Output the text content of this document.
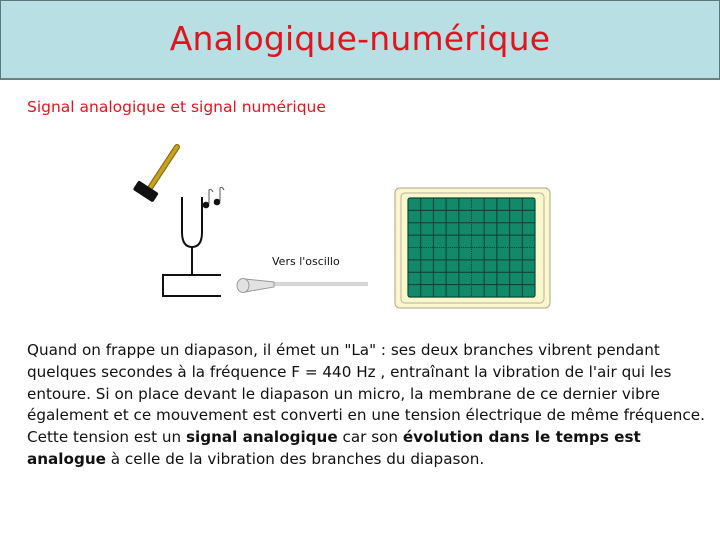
Analogique-numérique
Signal analogique et signal numérique
Vers l'oscillo
Quand on frappe un diapason, il émet un "La" : ses deux branches vibrent pendant quelques secondes à la fréquence F = 440 Hz , entraînant la vibration de l'air qui les entoure. Si on place devant le diapason un micro, la membrane de ce dernier vibre également et ce mouvement est converti en une tension électrique de même fréquence.
Cette tension est un signal analogique car son évolution dans le temps est analogue à celle de la vibration des branches du diapason.
